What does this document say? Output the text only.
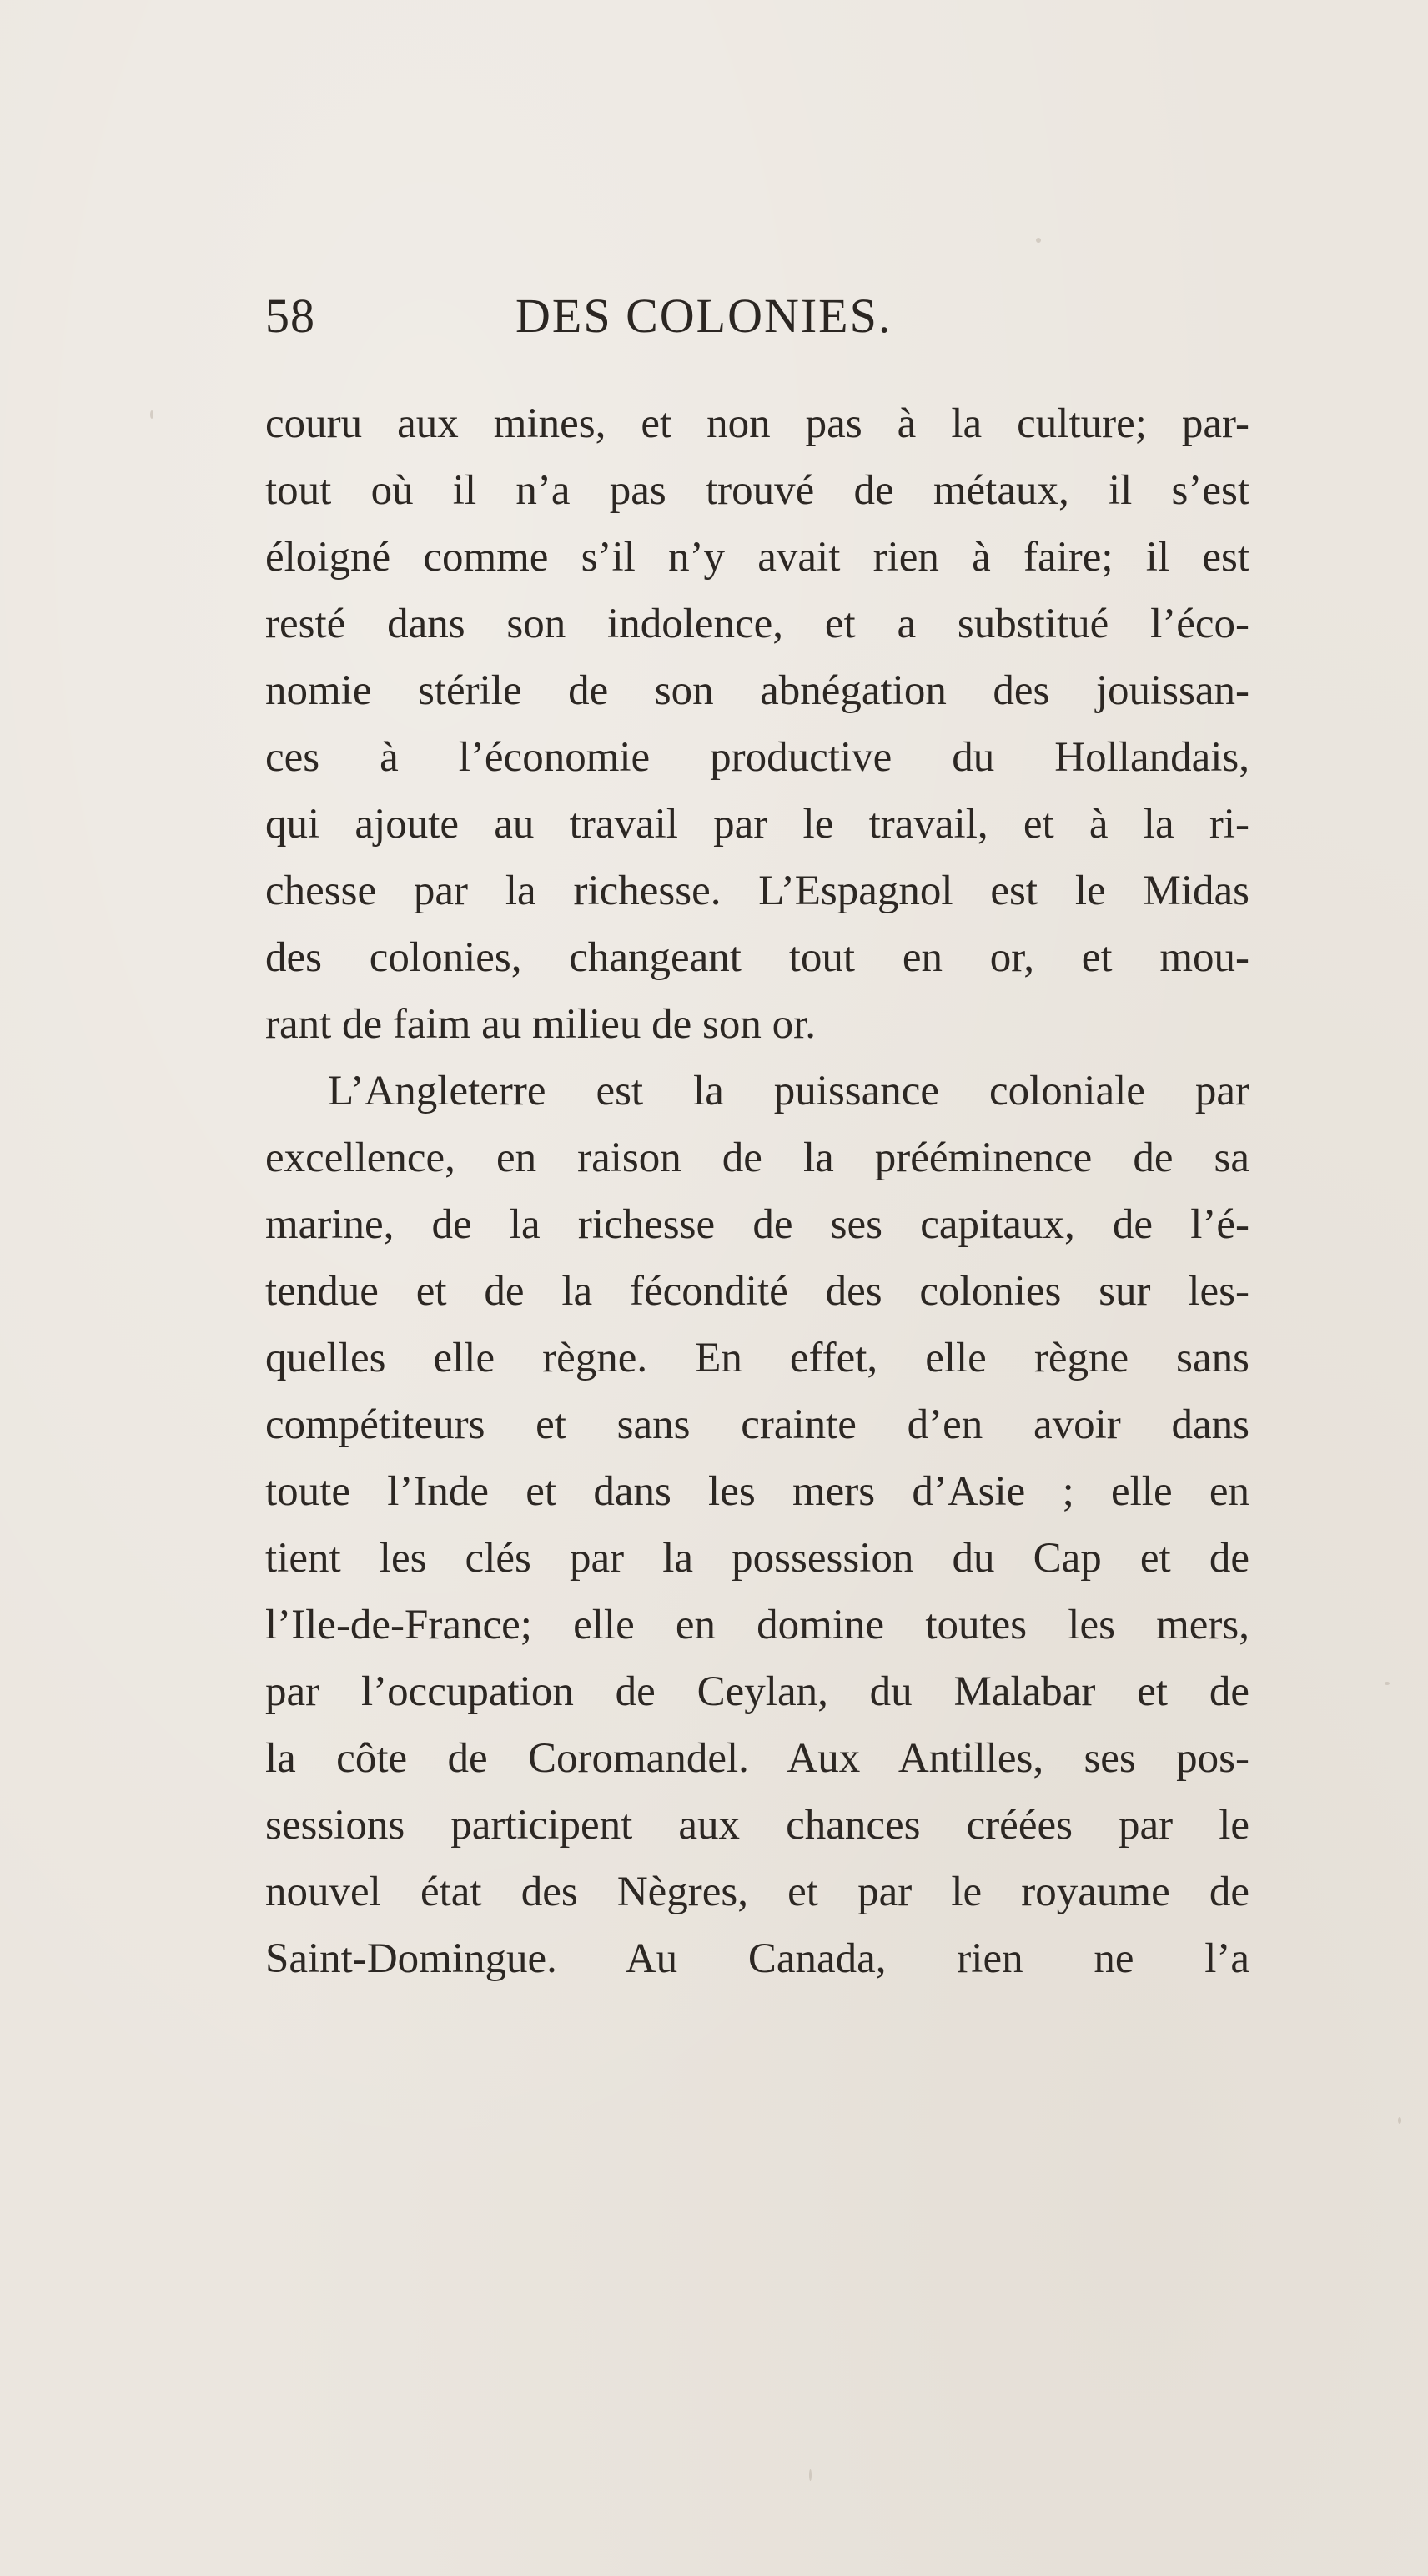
58	DES COLONIES.
couru aux mines, et non pas à la culture; par-
tout où il n’a pas trouvé de métaux, il s’est
éloigné comme s’il n’y avait rien à faire; il est
resté dans son indolence, et a substitué l’éco-
nomie stérile de son abnégation des jouissan-
ces à l’économie productive du Hollandais,
qui ajoute au travail par le travail, et à la ri-
chesse par la richesse. L’Espagnol est le Midas
des colonies, changeant tout en or, et mou-
rant de faim au milieu de son or.
L’Angleterre est la puissance coloniale par
excellence, en raison de la prééminence de sa
marine, de la richesse de ses capitaux, de l’é-
tendue et de la fécondité des colonies sur les-
quelles elle règne. En effet, elle règne sans
compétiteurs et sans crainte d’en avoir dans
toute l’Inde et dans les mers d’Asie ; elle en
tient les clés par la possession du Cap et de
l’Ile-de-France; elle en domine toutes les mers,
par l’occupation de Ceylan, du Malabar et de
la côte de Coromandel. Aux Antilles, ses pos-
sessions participent aux chances créées par le
nouvel état des Nègres, et par le royaume de
Saint-Domingue. Au Canada, rien ne l’a
